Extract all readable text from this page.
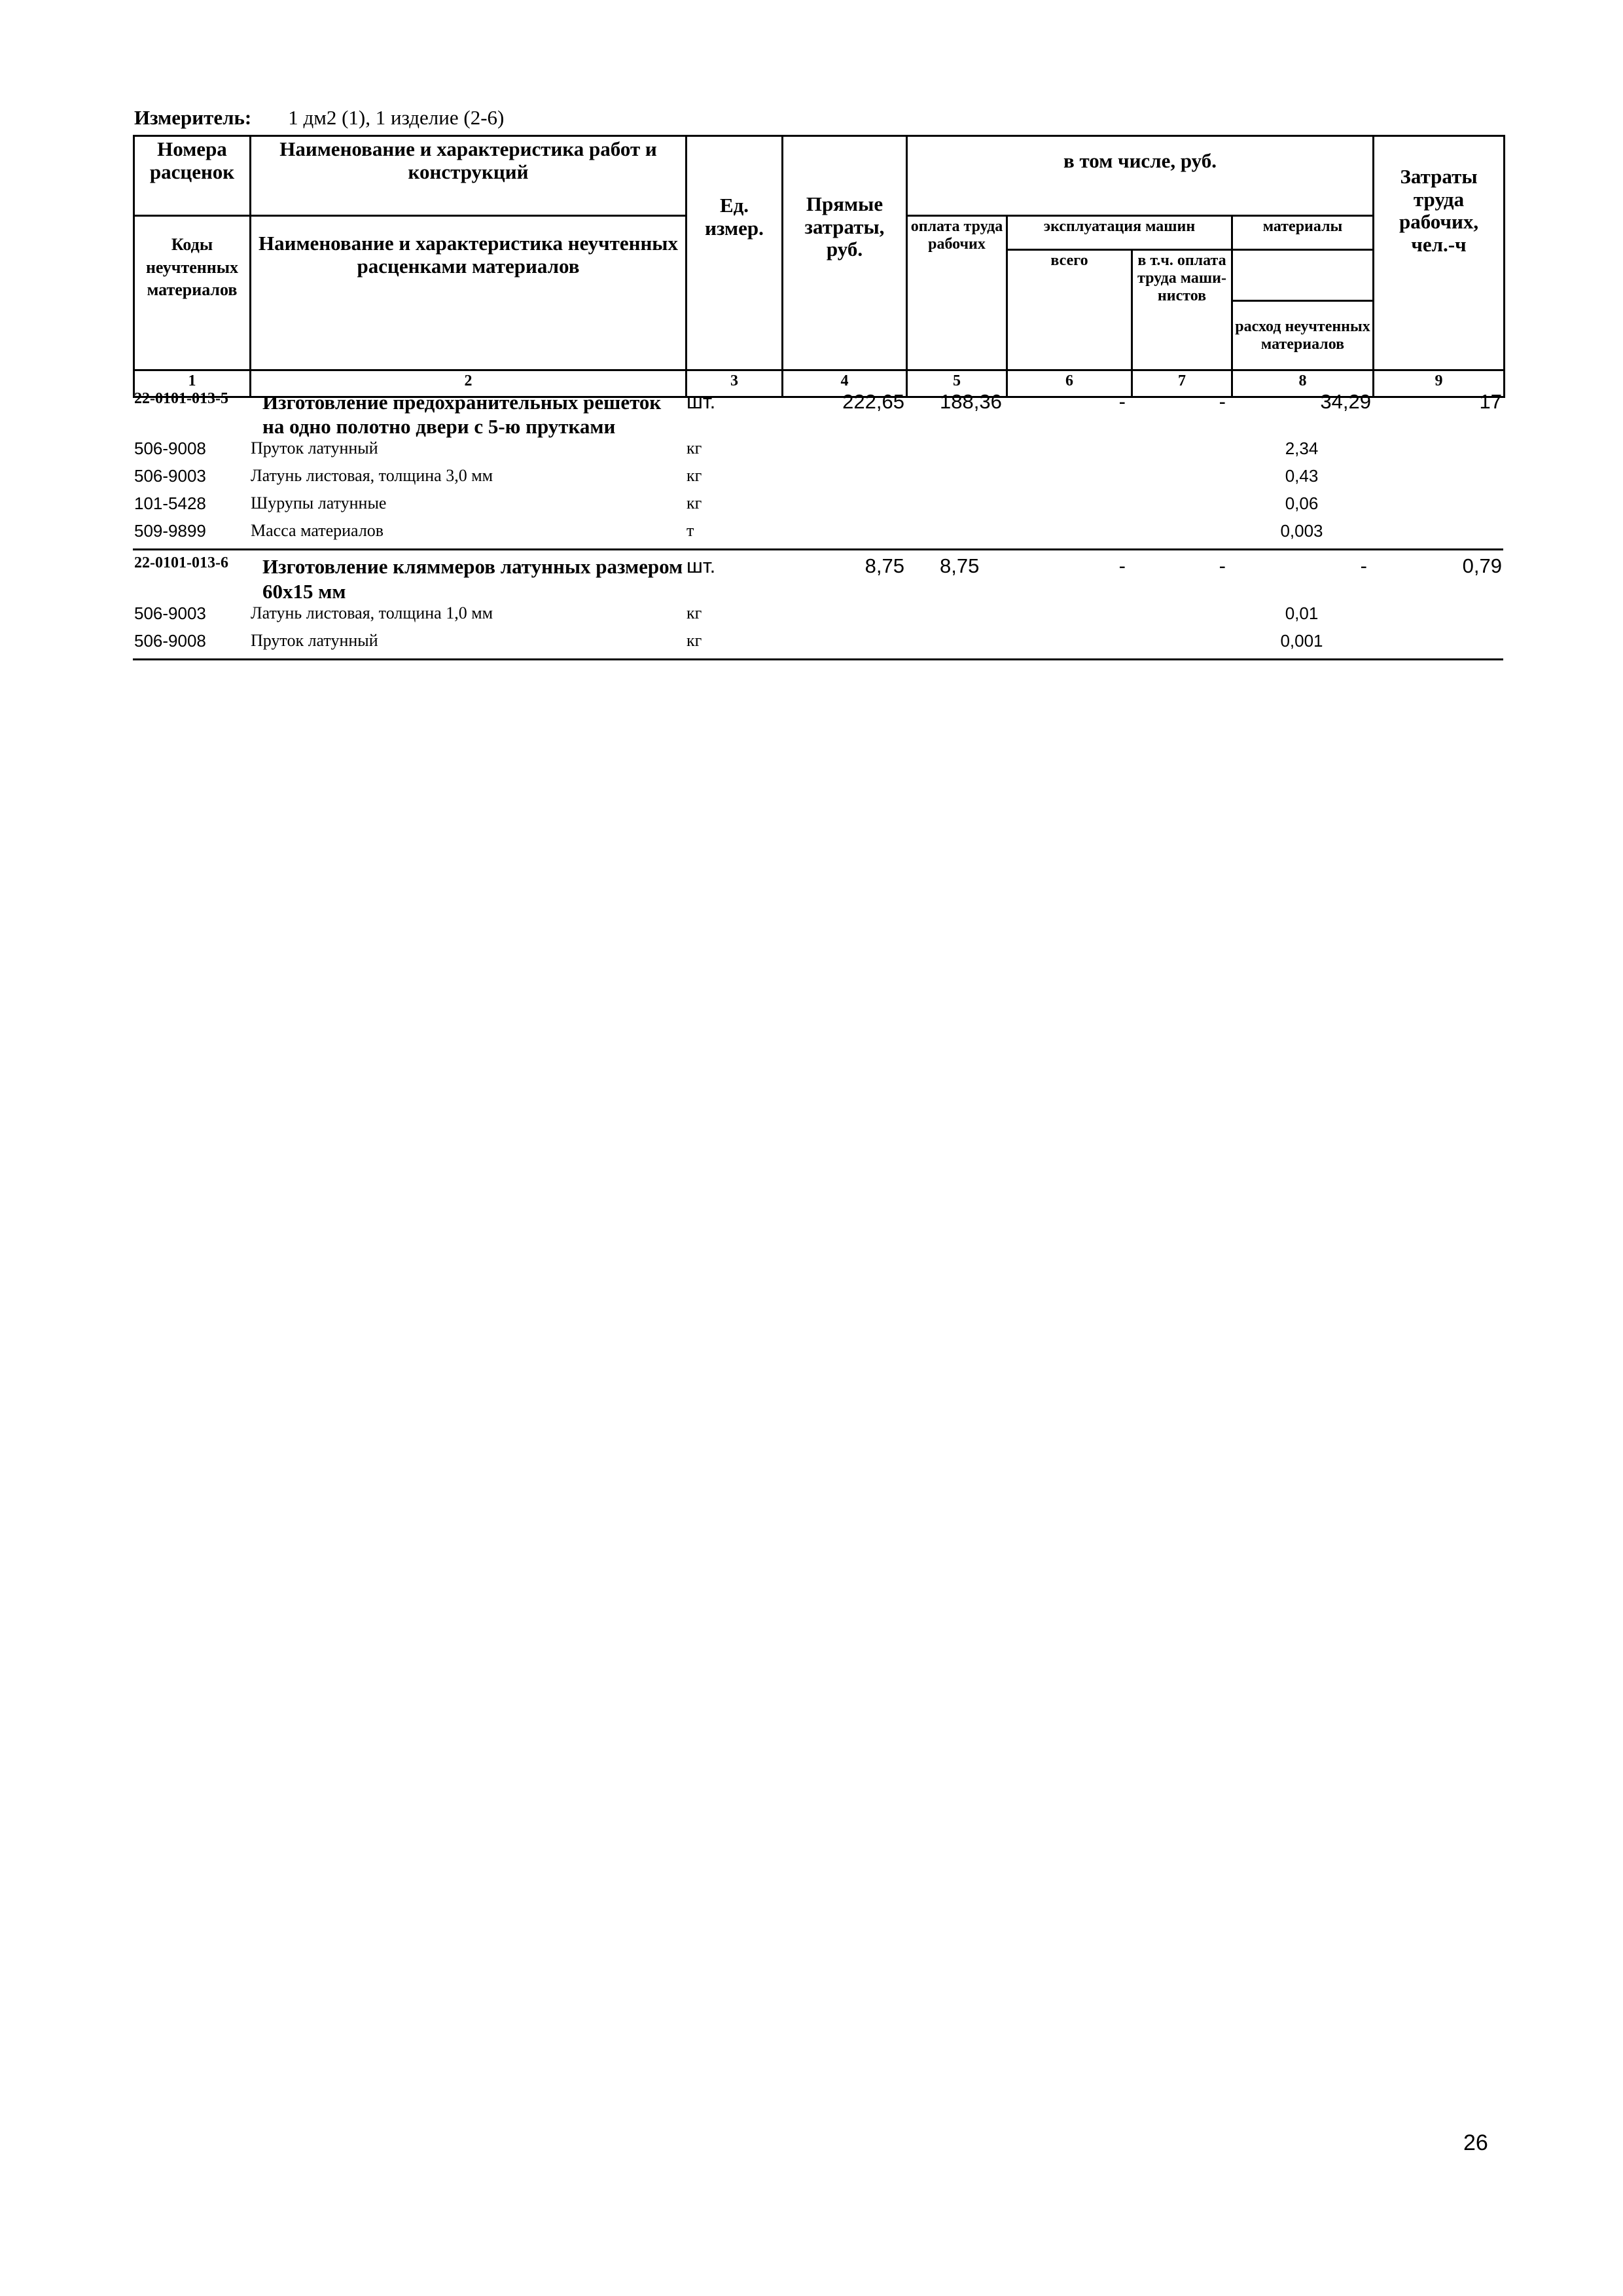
Измеритель: 1 дм2 (1), 1 изделие (2-6)
Номера расценок	Наименование и характеристика работ и конструкций	Ед. измер.	Прямые затраты, руб.	в том числе, руб.				Затраты труда рабочих, чел.-ч
Коды неучтенных материалов	Наименование и характеристика неучтенных расценками материалов			оплата труда рабочих	эксплуатация машин		материалы	
					всего	в т.ч. оплата труда маши-нистов		
							расход неучтенных материалов	
1	2	3	4	5	6	7	8	9
22-0101-013-5	Изготовление предохранительных решеток на одно полотно двери с 5-ю прутками	шт.	222,65	188,36	-	-	34,29	17
506-9008	Пруток латунный	кг					2,34	
506-9003	Латунь листовая, толщина 3,0 мм	кг					0,43	
101-5428	Шурупы латунные	кг					0,06	
509-9899	Масса материалов	т					0,003	
22-0101-013-6	Изготовление кляммеров латунных размером 60х15 мм	шт.	8,75	8,75	-	-	-	0,79
506-9003	Латунь листовая, толщина 1,0 мм	кг					0,01	
506-9008	Пруток латунный	кг					0,001	
26
